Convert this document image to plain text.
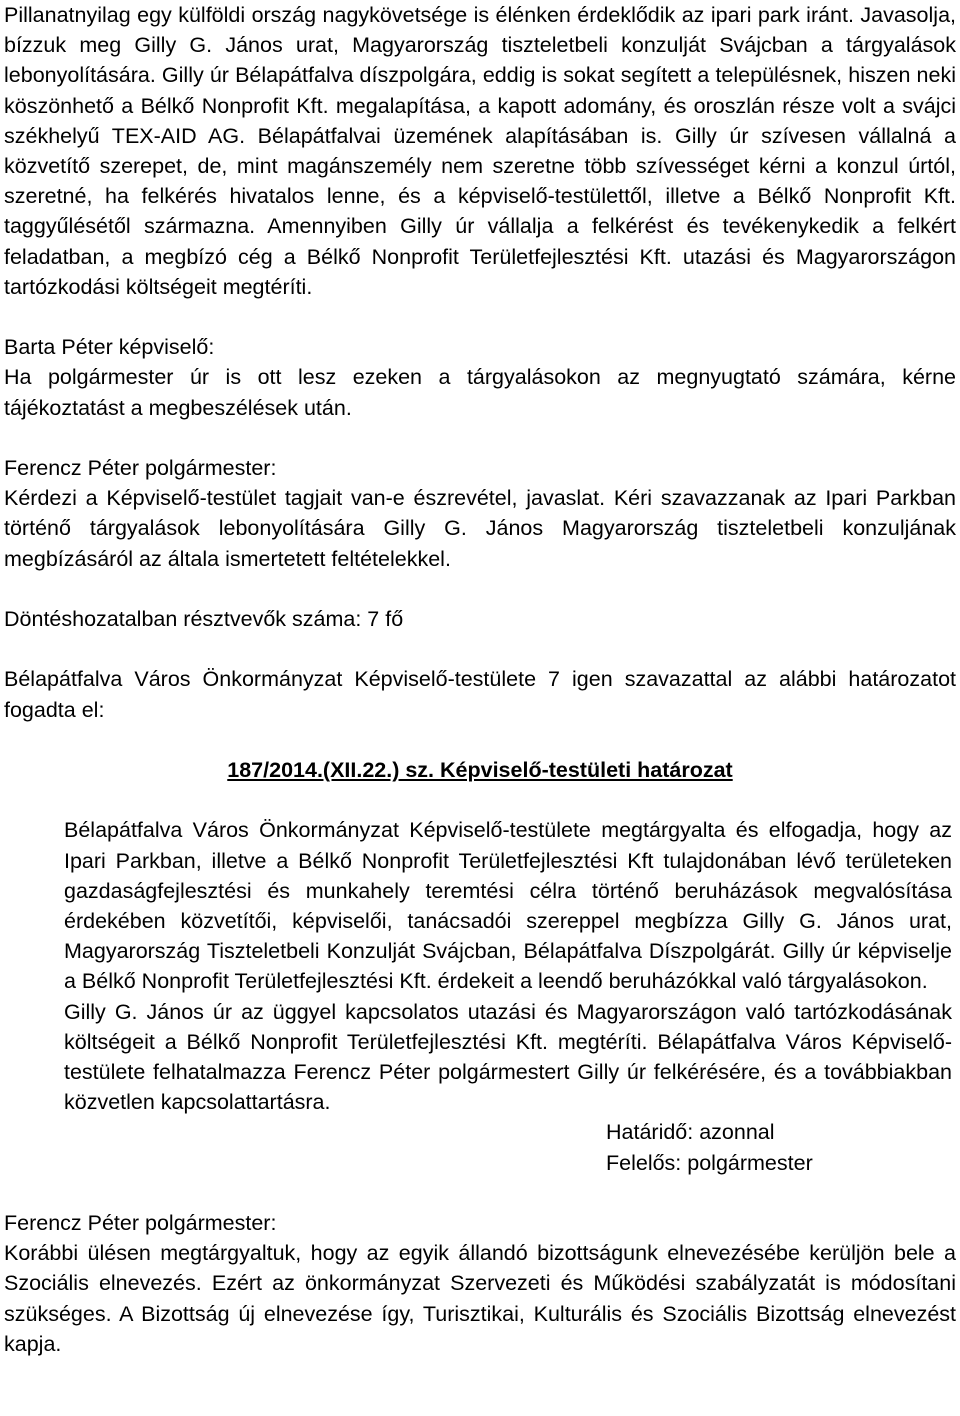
Pillanatnyilag egy külföldi ország nagykövetsége is élénken érdeklődik az ipari park iránt. Javasolja, bízzuk meg Gilly G. János urat, Magyarország tiszteletbeli konzulját Svájcban a tárgyalások lebonyolítására. Gilly úr Bélapátfalva díszpolgára, eddig is sokat segített a településnek, hiszen neki köszönhető a Bélkő Nonprofit Kft. megalapítása, a kapott adomány, és oroszlán része volt a svájci székhelyű TEX-AID AG. Bélapátfalvai üzemének alapításában is. Gilly úr szívesen vállalná a közvetítő szerepet, de, mint magánszemély nem szeretne több szívességet kérni a konzul úrtól, szeretné, ha felkérés hivatalos lenne, és a képviselő-testülettől, illetve a Bélkő Nonprofit Kft. taggyűlésétől származna. Amennyiben Gilly úr vállalja a felkérést és tevékenykedik a felkért feladatban, a megbízó cég a Bélkő Nonprofit Területfejlesztési Kft. utazási és Magyarországon tartózkodási költségeit megtéríti.

Barta Péter képviselő:

Ha polgármester úr is ott lesz ezeken a tárgyalásokon az megnyugtató számára, kérne tájékoztatást a megbeszélések után.

Ferencz Péter polgármester:

Kérdezi a Képviselő-testület tagjait van-e észrevétel, javaslat. Kéri szavazzanak az Ipari Parkban történő tárgyalások lebonyolítására Gilly G. János Magyarország tiszteletbeli konzuljának megbízásáról az általa ismertetett feltételekkel.

Döntéshozatalban résztvevők száma: 7 fő

Bélapátfalva Város Önkormányzat Képviselő-testülete 7 igen szavazattal az alábbi határozatot fogadta el:

187/2014.(XII.22.) sz. Képviselő-testületi határozat

Bélapátfalva Város Önkormányzat Képviselő-testülete megtárgyalta és elfogadja, hogy az Ipari Parkban, illetve a Bélkő Nonprofit Területfejlesztési Kft tulajdonában lévő területeken gazdaságfejlesztési és munkahely teremtési célra történő beruházások megvalósítása érdekében közvetítői, képviselői, tanácsadói szereppel megbízza Gilly G. János urat, Magyarország Tiszteletbeli Konzulját Svájcban, Bélapátfalva Díszpolgárát. Gilly úr képviselje a Bélkő Nonprofit Területfejlesztési Kft. érdekeit a leendő beruházókkal való tárgyalásokon.

Gilly G. János úr az üggyel kapcsolatos utazási és Magyarországon való tartózkodásának költségeit a Bélkő Nonprofit Területfejlesztési Kft. megtéríti. Bélapátfalva Város Képviselő-testülete felhatalmazza Ferencz Péter polgármestert Gilly úr felkérésére, és a továbbiakban közvetlen kapcsolattartásra.

Határidő: azonnal

Felelős: polgármester

Ferencz Péter polgármester:

Korábbi ülésen megtárgyaltuk, hogy az egyik állandó bizottságunk elnevezésébe kerüljön bele a Szociális elnevezés. Ezért az önkormányzat Szervezeti és Működési szabályzatát is módosítani szükséges. A Bizottság új elnevezése így, Turisztikai, Kulturális és Szociális Bizottság elnevezést kapja.
